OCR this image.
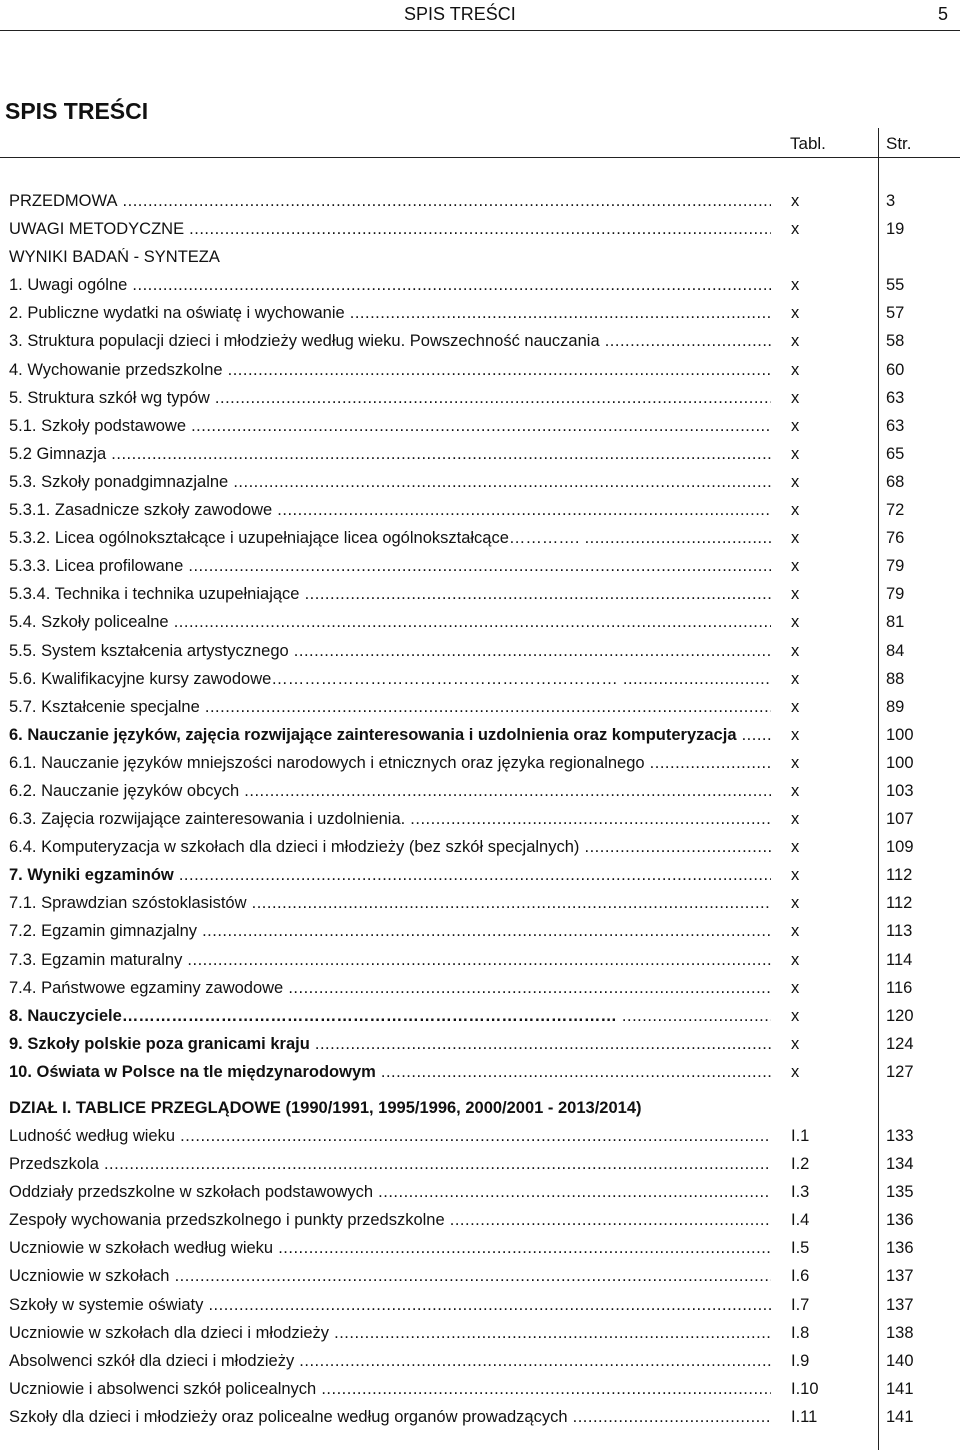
SPIS TREŚCI	5
SPIS TREŚCI
Tabl.	Str.
PRZEDMOWA .....	x	3
UWAGI METODYCZNE .....	x	19
WYNIKI BADAŃ - SYNTEZA
1. Uwagi ogólne .....	x	55
2. Publiczne wydatki na oświatę i wychowanie .....	x	57
3. Struktura populacji dzieci i młodzieży według wieku. Powszechność nauczania .....	x	58
4. Wychowanie przedszkolne .....	x	60
5. Struktura szkół wg typów .....	x	63
5.1. Szkoły podstawowe .....	x	63
5.2 Gimnazja .....	x	65
5.3. Szkoły ponadgimnazjalne .....	x	68
5.3.1. Zasadnicze szkoły zawodowe .....	x	72
5.3.2. Licea ogólnokształcące i uzupełniające licea ogólnokształcące…………. .....	x	76
5.3.3. Licea profilowane .....	x	79
5.3.4. Technika i technika uzupełniające .....	x	79
5.4. Szkoły policealne .....	x	81
5.5. System kształcenia artystycznego .....	x	84
5.6. Kwalifikacyjne kursy zawodowe……………………………………………………… .....	x	88
5.7. Kształcenie specjalne .....	x	89
6. Nauczanie języków, zajęcia rozwijające zainteresowania i uzdolnienia oraz komputeryzacja .....	x	100
6.1. Nauczanie języków mniejszości narodowych i etnicznych oraz języka regionalnego .....	x	100
6.2. Nauczanie języków obcych .....	x	103
6.3. Zajęcia rozwijające zainteresowania i uzdolnienia. .....	x	107
6.4. Komputeryzacja w szkołach dla dzieci i młodzieży (bez szkół specjalnych) .....	x	109
7. Wyniki egzaminów .....	x	112
7.1. Sprawdzian szóstoklasistów .....	x	112
7.2. Egzamin gimnazjalny .....	x	113
7.3. Egzamin maturalny .....	x	114
7.4. Państwowe egzaminy zawodowe .....	x	116
8. Nauczyciele……………………………………………………………………………… .....	x	120
9. Szkoły polskie poza granicami kraju .....	x	124
10. Oświata w Polsce na tle międzynarodowym .....	x	127
DZIAŁ I. TABLICE PRZEGLĄDOWE (1990/1991, 1995/1996, 2000/2001 - 2013/2014)
Ludność według wieku .....	I.1	133
Przedszkola .....	I.2	134
Oddziały przedszkolne w szkołach podstawowych .....	I.3	135
Zespoły wychowania przedszkolnego i punkty przedszkolne .....	I.4	136
Uczniowie w szkołach według wieku .....	I.5	136
Uczniowie w szkołach .....	I.6	137
Szkoły w systemie oświaty .....	I.7	137
Uczniowie w szkołach dla dzieci i młodzieży .....	I.8	138
Absolwenci szkół dla dzieci i młodzieży .....	I.9	140
Uczniowie i absolwenci szkół policealnych .....	I.10	141
Szkoły dla dzieci i młodzieży oraz policealne według organów prowadzących .....	I.11	141
